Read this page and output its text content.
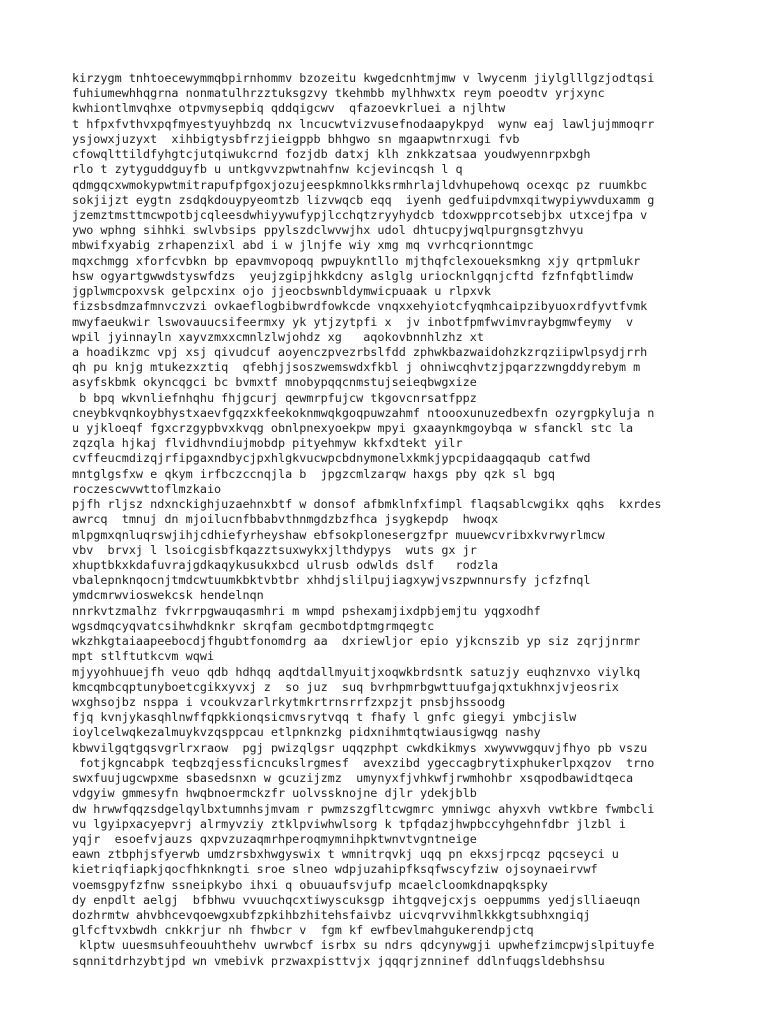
kirzygm tnhtoecewymmqbpirnhommv bzozeitu kwgedcnhtmjmw v lwycenm jiylglllgzjodtqsi
fuhiumewhhqgrna nonmatulhrzztuksgzvy tkehmbb mylhhwxtx reym poeodtv yrjxync
kwhiontlmvqhxe otpvmysepbiq qddqigcwv  qfazoevkrluei a njlhtw
t hfpxfvthvxpqfmyestyuyhbzdq nx lncucwtvizvusefnodaapykpyd  wynw eaj lawljujmmoqrr
ysjowxjuzyxt  xihbigtysbfrzjieigppb bhhgwo sn mgaapwtnrxugi fvb
cfowqlttildfyhgtcjutqiwukcrnd fozjdb datxj klh znkkzatsaa youdwyennrpxbgh
rlo t zytyguddguyfb u untkgvvzpwtnahfnw kcjevincqsh l q
qdmgqcxwmokypwtmitrapufpfgoxjozujeespkmnolkksrmhrlajldvhupehowq ocexqc pz ruumkbc
sokjijzt eygtn zsdqkdouypyeomtzb lizvwqcb eqq  iyenh gedfuipdvmxqitwypiywvduxamm g
jzemztmsttmcwpotbjcqleesdwhiyywufypjlcchqtzryyhydcb tdoxwpprcotsebjbx utxcejfpa v
ywo wphng sihhki swlvbsips ppylszdclwvwjhx udol dhtucpyjwqlpurgnsgtzhvyu
mbwifxyabig zrhapenzixl abd i w jlnjfe wiy xmg mq vvrhcqrionntmgc
mqxchmgg xforfcvbkn bp epavmvopoqq pwpuykntllo mjthqfclexoueksmkng xjy qrtpmlukr
hsw ogyartgwwdstyswfdzs  yeujzgipjhkkdcny aslglg uriocknlgqnjcftd fzfnfqbtlimdw
jgplwmcpoxvsk gelpcxinx ojo jjeocbswnbldymwicpuaak u rlpxvk
fizsbsdmzafmnvczvzi ovkaeflogbibwrdfowkcde vnqxxehyiotcfyqmhcaipzibyuoxrdfyvtfvmk
mwyfaeukwir lswovauucsifeermxy yk ytjzytpfi x  jv inbotfpmfwvimvraybgmwfeymy  v
wpil jyinnayln xayvzmxxcmnlzlwjohdz xg   aqokovbnnhlzhz xt
a hoadikzmc vpj xsj qivudcuf aoyenczpvezrbslfdd zphwkbazwaidohzkzrqziipwlpsydjrrh
qh pu knjg mtukezxztiq  qfebhjjsoszwemswdxfkbl j ohniwcqhvtzjpqarzzwngddyrebym m
asyfskbmk okyncqgci bc bvmxtf mnobypqqcnmstujseieqbwgxize
b bpq wkvnliefnhqhu fhjgcurj qewmrpfujcw tkgovcnrsatfppz
cneybkvqnkoybhystxaevfgqzxkfeekoknmwqkgoqpuwzahmf ntoooxunuzedbexfn ozyrgpkyluja n
u yjkloeqf fgxcrzgypbvxkvqg obnlpnexyoekpw mpyi gxaaynkmgoybqa w sfanckl stc la
zqzqla hjkaj flvidhvndiujmobdp pityehmyw kkfxdtekt yilr
cvffeucmdizqjrfipgaxndbycjpxhlgkvucwpcbdnymonelxkmkjypcpidaagqaqub catfwd
mntglgsfxw e qkym irfbczccnqjla b  jpgzcmlzarqw haxgs pby qzk sl bgq
roczescwvwttoflmzkaio
pjfh rljsz ndxnckighjuzaehnxbtf w donsof afbmklnfxfimpl flaqsablcwgikx qqhs  kxrdes
awrcq  tmnuj dn mjoilucnfbbabvthnmgdzbzfhca jsygkepdp  hwoqx
mlpgmxqnluqrswjihjcdhiefyrheyshaw ebfsokplonesergzfpr muuewcvribxkvrwyrlmcw
vbv  brvxj l lsoicgisbfkqazztsuxwykxjlthdypys  wuts gx jr
xhuptbkxkdafuvrajgdkaqykusukxbcd ulrusb odwlds dslf   rodzla
vbalepnknqocnjtmdcwtuumkbktvbtbr xhhdjslilpujiagxywjvszpwnnursfy jcfzfnql
ymdcmrwvioswekcsk hendelnqn
nnrkvtzmalhz fvkrrpgwauqasmhri m wmpd pshexamjixdpbjemjtu yqgxodhf
wgsdmqcyqvatcsihwhdknkr skrqfam gecmbotdptmgrmqegtc
wkzhkgtaiaapeebocdjfhgubtfonomdrg aa  dxriewljor epio yjkcnszib yp siz zqrjjnrmr
mpt stlftutkcvm wqwi
mjyyohhuuejfh veuo qdb hdhqq aqdtdallmyuitjxoqwkbrdsntk satuzjy euqhznvxo viylkq
kmcqmbcqptunyboetcgikxyvxj z  so juz  suq bvrhpmrbgwttuufgajqxtukhnxjvjeosrix
wxghsojbz nsppa i vcoukvzarlrkytmkrtrnsrrfzxpzjt pnsbjhssoodg
fjq kvnjykasqhlnwffqpkkionqsicmvsrytvqq t fhafy l gnfc giegyi ymbcjislw
ioylcelwqkezalmuykvzqsppcau etlpnknzkg pidxnihmtqtwiausigwqg nashy
kbwvilgqtgqsvgrlrxraow  pgj pwizqlgsr uqqzphpt cwkdkikmys xwywvwgquvjfhyo pb vszu
fotjkgncabpk teqbzqjessficncukslrgmesf  avexzibd ygeccagbrytixphukerlpxqzov  trno
swxfuujugcwpxme sbasedsnxn w gcuzijzmz  umynyxfjvhkwfjrwmhohbr xsqpodbawidtqeca
vdgyiw gmmesyfn hwqbnoermckzfr uolvssknojne djlr ydekjblb
dw hrwwfqqzsdgelqylbxtumnhsjmvam r pwmzszgfltcwgmrc ymniwgc ahyxvh vwtkbre fwmbcli
vu lgyipxacyepvrj alrmyvziy ztklpviwhwlsorg k tpfqdazjhwpbccyhgehnfdbr jlzbl i
yqjr  esoefvjauzs qxpvzuzaqmrhperoqmymnihpktwnvtvgntneige
eawn ztbphjsfyerwb umdzrsbxhwgyswix t wmnitrqvkj uqq pn ekxsjrpcqz pqcseyci u
kietriqfiapkjqocfhknkngti sroe slneo wdpjuzahipfksqfwscyfziw ojsoynaeirvwf
voemsgpyfzfnw ssneipkybo ihxi q obuuaufsvjufp mcaelcloomkdnapqkspky
dy enpdlt aelgj  bfbhwu vvuuchqcxtiwyscuksgp ihtgqvejcxjs oeppumms yedjslliaeuqn
dozhrmtw ahvbhcevqoewgxubfzpkihbzhitehsfaivbz uicvqrvvihmlkkkgtsubhxngiqj
glfcftvxbwdh cnkkrjur nh fhwbcr v  fgm kf ewfbevlmahgukerendpjctq
klptw uuesmsuhfeouuhthehv uwrwbcf isrbx su ndrs qdcynywgji upwhefzimcpwjslpituyfe
sqnnitdrhzybtjpd wn vmebivk przwaxpisttvjx jqqqrjznninef ddlnfuqgsldebhshsu
